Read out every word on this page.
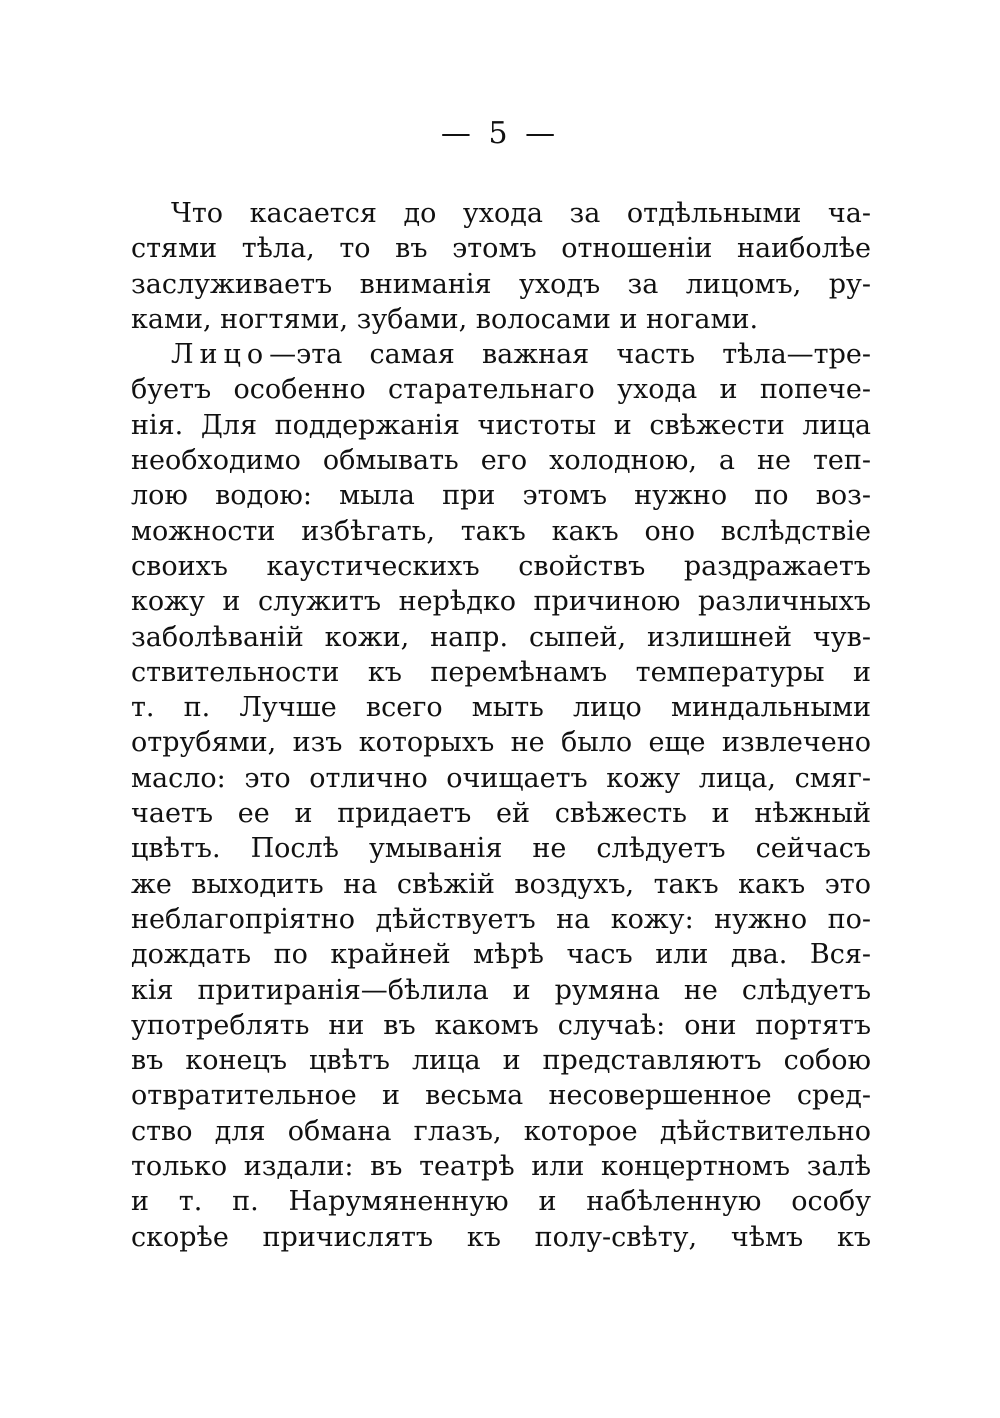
— 5 —
Что касается до ухода за отдѣльными ча-
стями тѣла, то въ этомъ отношеніи наиболѣе
заслуживаетъ вниманія уходъ за лицомъ, ру-
ками, ногтями, зубами, волосами и ногами.
Лицо—эта самая важная часть тѣла—тре-
буетъ особенно старательнаго ухода и попече-
нія. Для поддержанія чистоты и свѣжести лица
необходимо обмывать его холодною, а не теп-
лою водою: мыла при этомъ нужно по воз-
можности избѣгать, такъ какъ оно вслѣдствіе
своихъ каустическихъ свойствъ раздражаетъ
кожу и служитъ нерѣдко причиною различныхъ
заболѣваній кожи, напр. сыпей, излишней чув-
ствительности къ перемѣнамъ температуры и
т. п. Лучше всего мыть лицо миндальными
отрубями, изъ которыхъ не было еще извлечено
масло: это отлично очищаетъ кожу лица, смяг-
чаетъ ее и придаетъ ей свѣжесть и нѣжный
цвѣтъ. Послѣ умыванія не слѣдуетъ сейчасъ
же выходить на свѣжій воздухъ, такъ какъ это
неблагопріятно дѣйствуетъ на кожу: нужно по-
дождать по крайней мѣрѣ часъ или два. Вся-
кія притиранія—бѣлила и румяна не слѣдуетъ
употреблять ни въ какомъ случаѣ: они портятъ
въ конецъ цвѣтъ лица и представляютъ собою
отвратительное и весьма несовершенное сред-
ство для обмана глазъ, которое дѣйствительно
только издали: въ театрѣ или концертномъ залѣ
и т. п. Нарумяненную и набѣленную особу
скорѣе причислятъ къ полу-свѣту, чѣмъ къ
